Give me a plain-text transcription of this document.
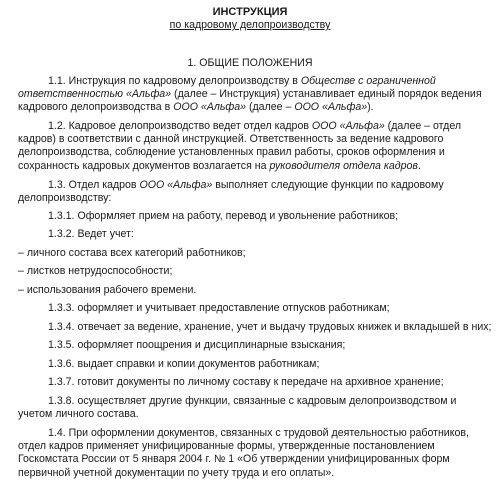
ИНСТРУКЦИЯ
по кадровому делопроизводству
1. ОБЩИЕ ПОЛОЖЕНИЯ
1.1. Инструкция по кадровому делопроизводству в Обществе с ограниченной ответственностью «Альфа» (далее – Инструкция) устанавливает единый порядок ведения кадрового делопроизводства в ООО «Альфа» (далее – ООО «Альфа»).
1.2. Кадровое делопроизводство ведет отдел кадров ООО «Альфа» (далее – отдел кадров) в соответствии с данной инструкцией. Ответственность за ведение кадрового делопроизводства, соблюдение установленных правил работы, сроков оформления и сохранность кадровых документов возлагается на руководителя отдела кадров.
1.3. Отдел кадров ООО «Альфа» выполняет следующие функции по кадровому делопроизводству:
1.3.1. Оформляет прием на работу, перевод и увольнение работников;
1.3.2. Ведет учет:
– личного состава всех категорий работников;
– листков нетрудоспособности;
– использования рабочего времени.
1.3.3. оформляет и учитывает предоставление отпусков работникам;
1.3.4. отвечает за ведение, хранение, учет и выдачу трудовых книжек и вкладышей в них;
1.3.5. оформляет поощрения и дисциплинарные взыскания;
1.3.6. выдает справки и копии документов работникам;
1.3.7. готовит документы по личному составу к передаче на архивное хранение;
1.3.8. осуществляет другие функции, связанные с кадровым делопроизводством и учетом личного состава.
1.4. При оформлении документов, связанных с трудовой деятельностью работников, отдел кадров применяет унифицированные формы, утвержденные постановлением Госкомстата России от 5 января 2004 г. № 1 «Об утверждении унифицированных форм первичной учетной документации по учету труда и его оплаты».
